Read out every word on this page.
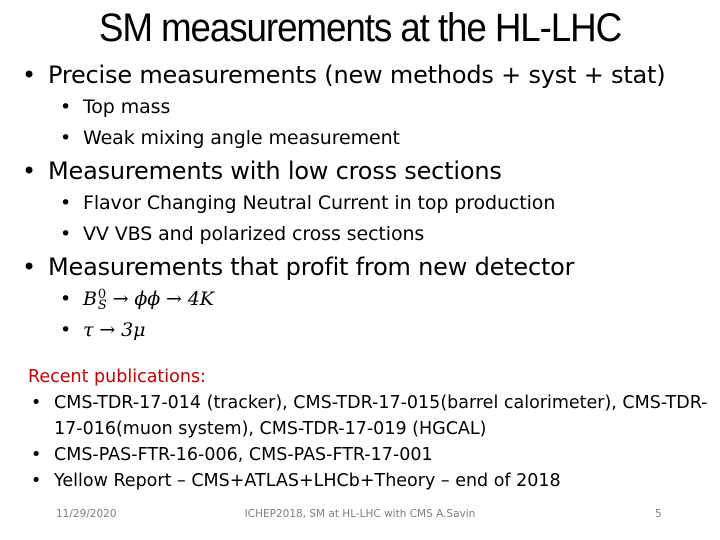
SM measurements at the HL-LHC
• Precise measurements (new methods + syst + stat)
• Top mass
• Weak mixing angle measurement
• Measurements with low cross sections
• Flavor Changing Neutral Current in top production
• VV VBS and polarized cross sections
• Measurements that profit from new detector
• B 0
S → ϕϕ → 4K
• τ → 3μ
Recent publications:
• CMS-TDR-17-014 (tracker), CMS-TDR-17-015(barrel calorimeter), CMS-TDR-17-016(muon system), CMS-TDR-17-019 (HGCAL)
• CMS-PAS-FTR-16-006, CMS-PAS-FTR-17-001
• Yellow Report – CMS+ATLAS+LHCb+Theory – end of 2018
11/29/2020	ICHEP2018, SM at HL-LHC with CMS A.Savin	5
